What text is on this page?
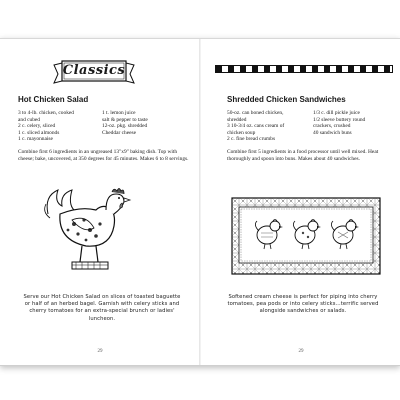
Classics
Hot Chicken Salad
3 to 4-lb. chicken, cooked
and cubed
2 c. celery, sliced
1 c. sliced almonds
1 c. mayonnaise
1 t. lemon juice
salt & pepper to taste
12-oz. pkg. shredded
Cheddar cheese
Combine first 6 ingredients in an ungreased 13"x9" baking dish. Top with cheese; bake, uncovered, at 350 degrees for 45 minutes. Makes 6 to 8 servings.
Serve our Hot Chicken Salad on slices of toasted baguette or half of an herbed bagel. Garnish with celery sticks and cherry tomatoes for an extra-special brunch or ladies' luncheon.
29
Shredded Chicken Sandwiches
50-oz. can boned chicken,
shredded
3 10-3/4 oz. cans cream of
chicken soup
2 c. fine bread crumbs
1/3 c. dill pickle juice
1/2 sleeve buttery round
crackers, crushed
40 sandwich buns
Combine first 5 ingredients in a food processor until well mixed. Heat thoroughly and spoon into buns. Makes about 40 sandwiches.
Softened cream cheese is perfect for piping into cherry tomatoes, pea pods or into celery sticks...terrific served alongside sandwiches or salads.
29
